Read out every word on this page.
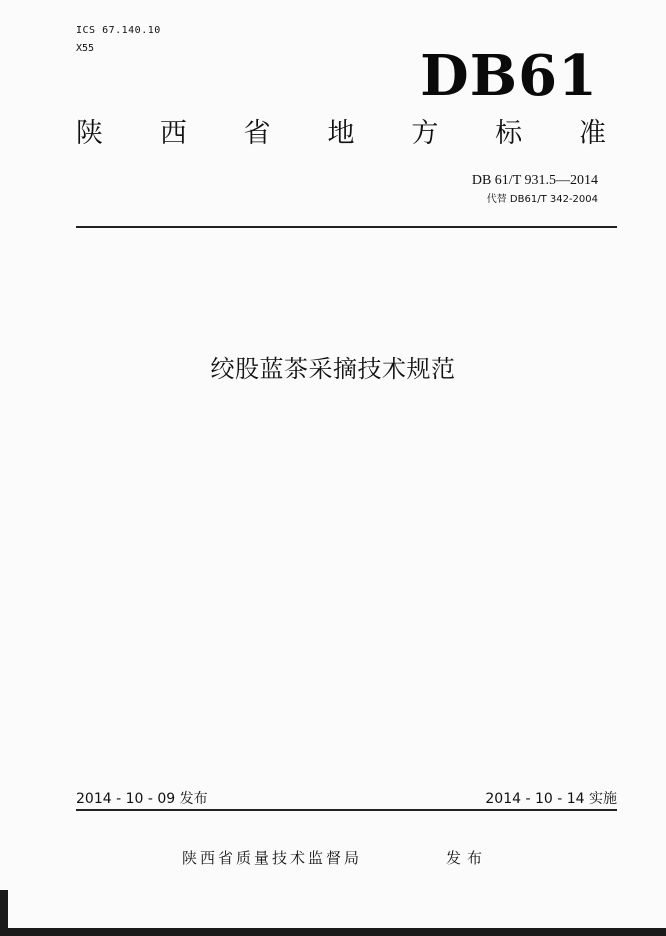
ICS 67.140.10
X55	DB61
陕 西 省 地 方 标 准
DB 61/T 931.5—2014
代替 DB61/T 342-2004
绞股蓝茶采摘技术规范
2014 - 10 - 09 发布	2014 - 10 - 14 实施
陕西省质量技术监督局	发布
